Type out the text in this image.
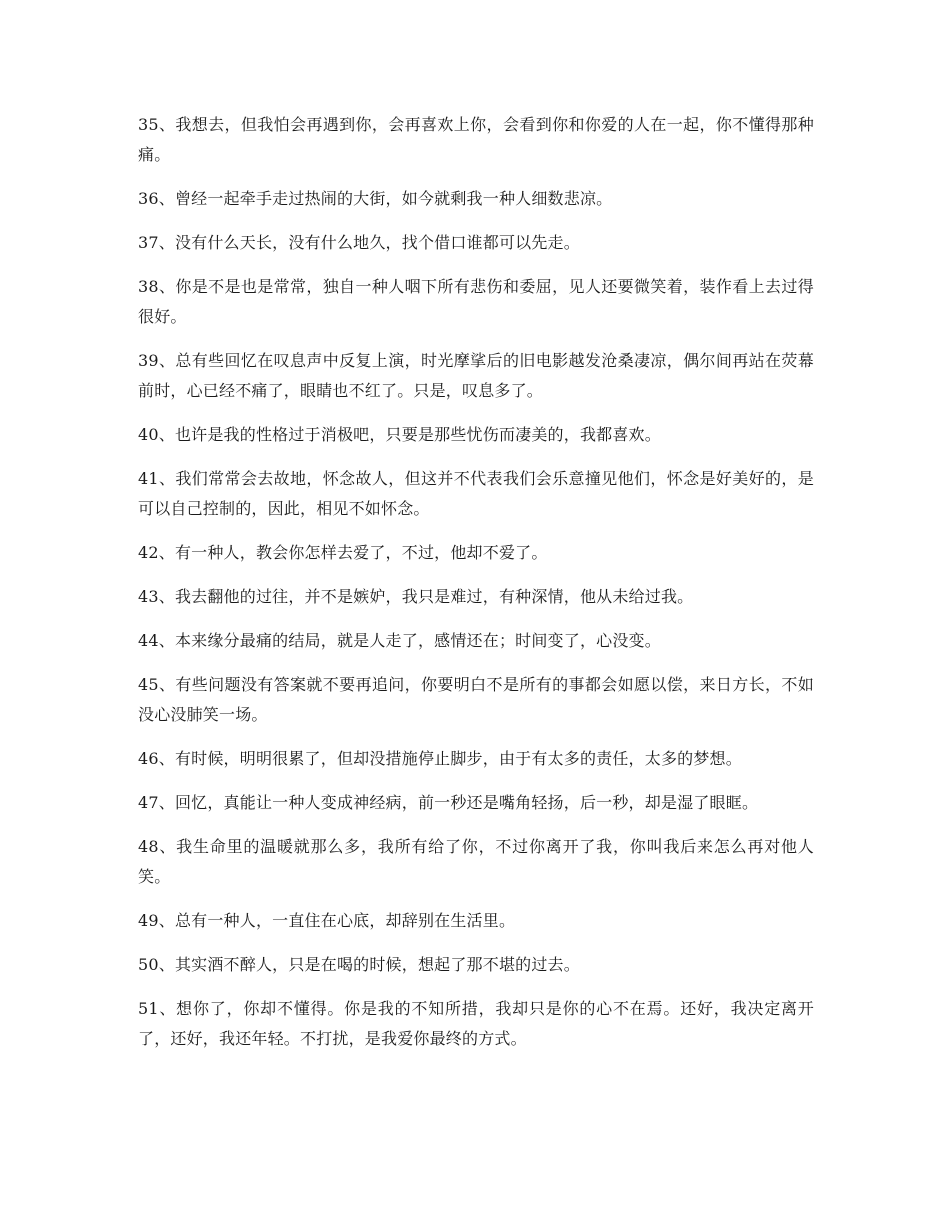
35、我想去，但我怕会再遇到你，会再喜欢上你，会看到你和你爱的人在一起，你不懂得那种痛。

36、曾经一起牵手走过热闹的大街，如今就剩我一种人细数悲凉。

37、没有什么天长，没有什么地久，找个借口谁都可以先走。

38、你是不是也是常常，独自一种人咽下所有悲伤和委屈，见人还要微笑着，装作看上去过得很好。

39、总有些回忆在叹息声中反复上演，时光摩挲后的旧电影越发沧桑凄凉，偶尔间再站在荧幕前时，心已经不痛了，眼睛也不红了。只是，叹息多了。

40、也许是我的性格过于消极吧，只要是那些忧伤而凄美的，我都喜欢。

41、我们常常会去故地，怀念故人，但这并不代表我们会乐意撞见他们，怀念是好美好的，是可以自己控制的，因此，相见不如怀念。

42、有一种人，教会你怎样去爱了，不过，他却不爱了。

43、我去翻他的过往，并不是嫉妒，我只是难过，有种深情，他从未给过我。

44、本来缘分最痛的结局，就是人走了，感情还在；时间变了，心没变。

45、有些问题没有答案就不要再追问，你要明白不是所有的事都会如愿以偿，来日方长，不如没心没肺笑一场。

46、有时候，明明很累了，但却没措施停止脚步，由于有太多的责任，太多的梦想。

47、回忆，真能让一种人变成神经病，前一秒还是嘴角轻扬，后一秒，却是湿了眼眶。

48、我生命里的温暖就那么多，我所有给了你，不过你离开了我，你叫我后来怎么再对他人笑。

49、总有一种人，一直住在心底，却辞别在生活里。

50、其实酒不醉人，只是在喝的时候，想起了那不堪的过去。

51、想你了，你却不懂得。你是我的不知所措，我却只是你的心不在焉。还好，我决定离开了，还好，我还年轻。不打扰，是我爱你最终的方式。
